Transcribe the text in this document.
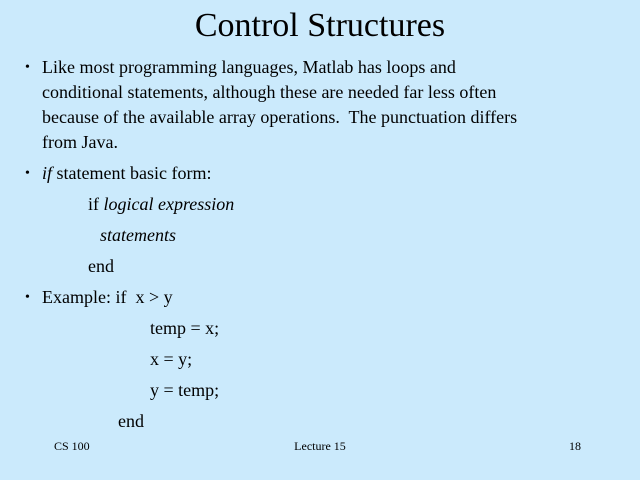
Control Structures
• Like most programming languages, Matlab has loops and
conditional statements, although these are needed far less often
because of the available array operations.  The punctuation differs
from Java.
• if statement basic form:
if logical expression
statements
end
• Example: if  x > y
temp = x;
x = y;
y = temp;
end
CS 100	Lecture 15	18
